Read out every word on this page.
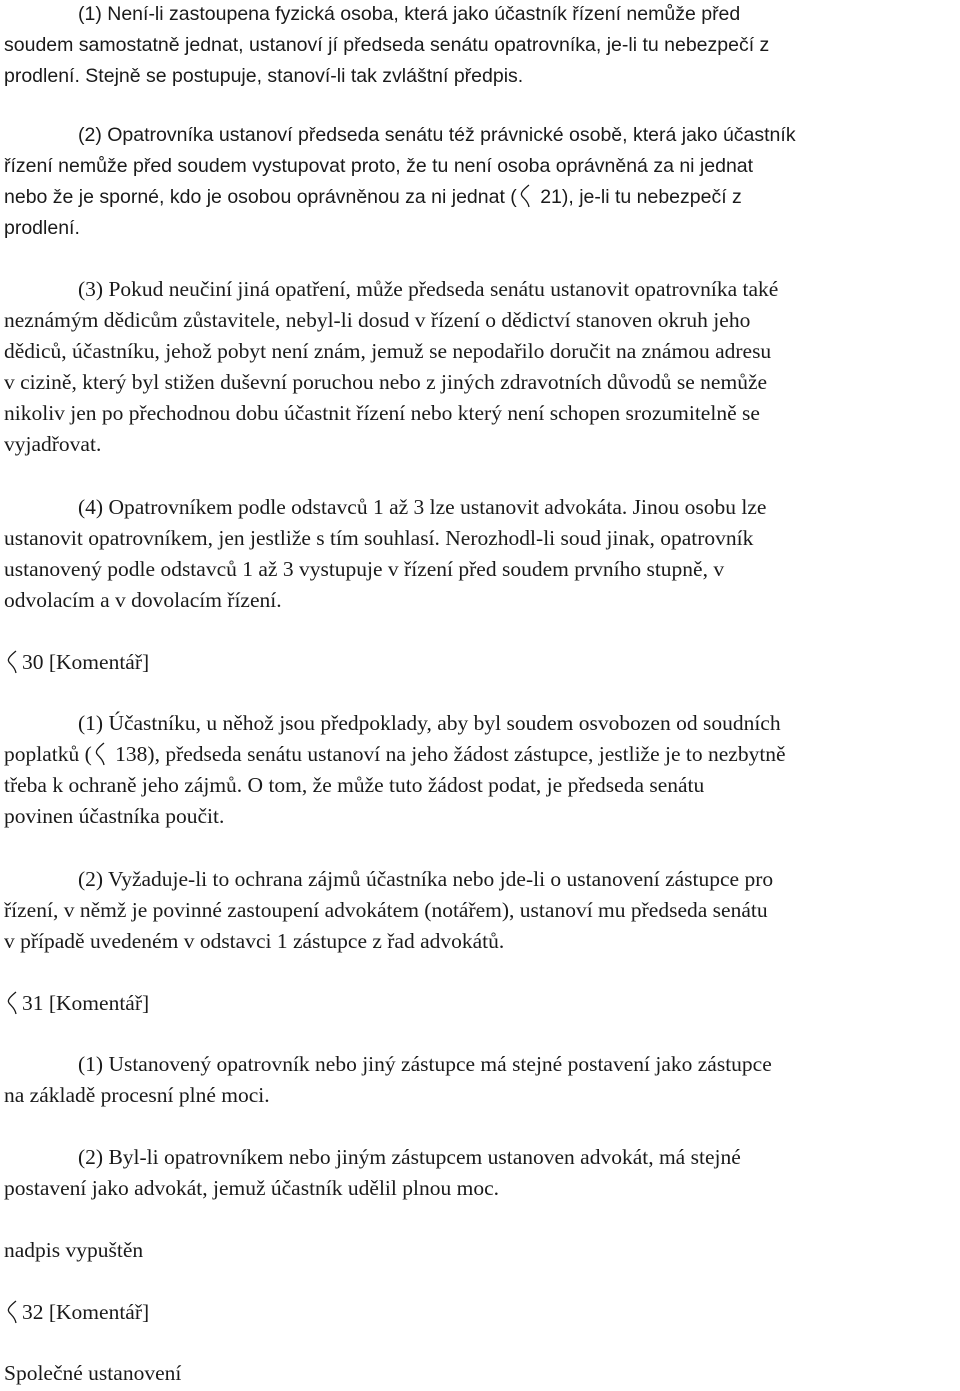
(1) Není-li zastoupena fyzická osoba, která jako účastník řízení nemůže před
soudem samostatně jednat, ustanoví jí předseda senátu opatrovníka, je-li tu nebezpečí z
prodlení. Stejně se postupuje, stanoví-li tak zvláštní předpis.

(2) Opatrovníka ustanoví předseda senátu též právnické osobě, která jako účastník
řízení nemůže před soudem vystupovat proto, že tu není osoba oprávněná za ni jednat
nebo že je sporné, kdo je osobou oprávněnou za ni jednat (
21), je-li tu nebezpečí z
prodlení.

(3) Pokud neučiní jiná opatření, může předseda senátu ustanovit opatrovníka také
neznámým dědicům zůstavitele, nebyl-li dosud v řízení o dědictví stanoven okruh jeho
dědiců, účastníku, jehož pobyt není znám, jemuž se nepodařilo doručit na známou adresu
v cizině, který byl stižen duševní poruchou nebo z jiných zdravotních důvodů se nemůže
nikoliv jen po přechodnou dobu účastnit řízení nebo který není schopen srozumitelně se
vyjadřovat.

(4) Opatrovníkem podle odstavců 1 až 3 lze ustanovit advokáta. Jinou osobu lze
ustanovit opatrovníkem, jen jestliže s tím souhlasí. Nerozhodl-li soud jinak, opatrovník
ustanovený podle odstavců 1 až 3 vystupuje v řízení před soudem prvního stupně, v
odvolacím a v dovolacím řízení.

30 [Komentář]

(1) Účastníku, u něhož jsou předpoklady, aby byl soudem osvobozen od soudních
poplatků (
138), předseda senátu ustanoví na jeho žádost zástupce, jestliže je to nezbytně
třeba k ochraně jeho zájmů. O tom, že může tuto žádost podat, je předseda senátu
povinen účastníka poučit.

(2) Vyžaduje-li to ochrana zájmů účastníka nebo jde-li o ustanovení zástupce pro
řízení, v němž je povinné zastoupení advokátem (notářem), ustanoví mu předseda senátu
v případě uvedeném v odstavci 1 zástupce z řad advokátů.

31 [Komentář]

(1) Ustanovený opatrovník nebo jiný zástupce má stejné postavení jako zástupce
na základě procesní plné moci.

(2) Byl-li opatrovníkem nebo jiným zástupcem ustanoven advokát, má stejné
postavení jako advokát, jemuž účastník udělil plnou moc.

nadpis vypuštěn
32 [Komentář]
Společné ustanovení
